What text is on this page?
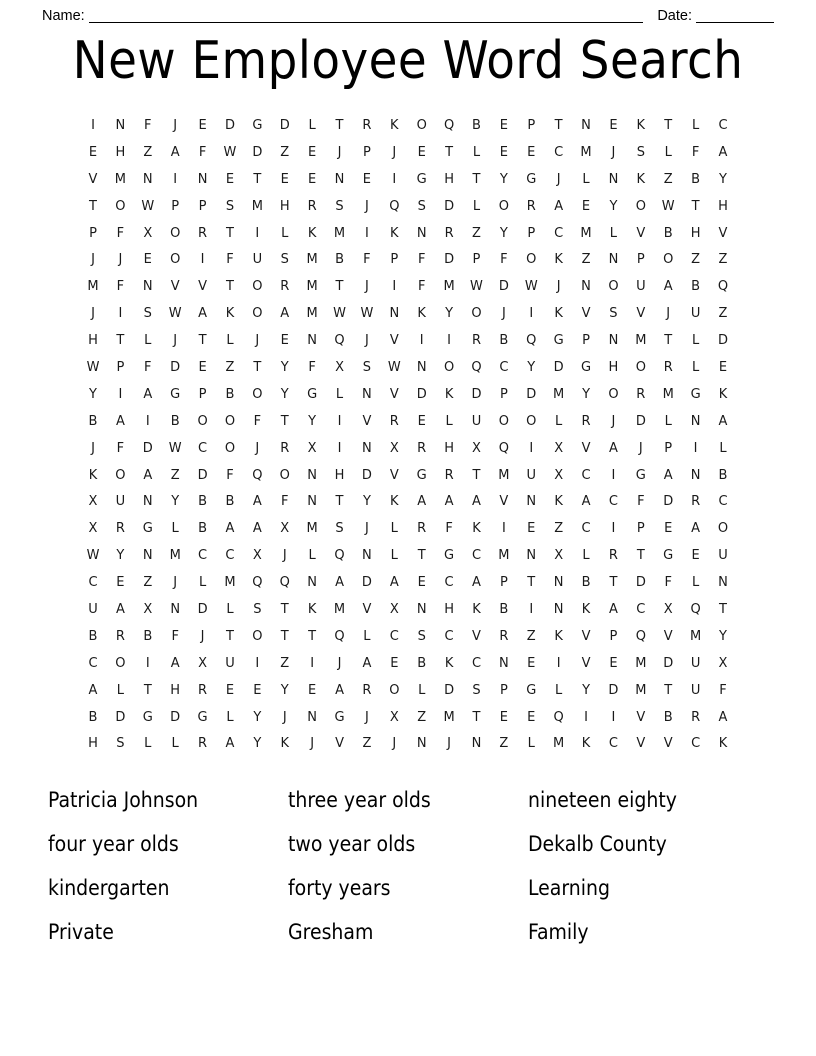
Name:	Date:
New Employee Word Search
I	N	F	J	E	D	G	D	L	T	R	K	O	Q	B	E	P	T	N	E	K	T	L	C
E	H	Z	A	F	W	D	Z	E	J	P	J	E	T	L	E	E	C	M	J	S	L	F	A
V	M	N	I	N	E	T	E	E	N	E	I	G	H	T	Y	G	J	L	N	K	Z	B	Y
T	O	W	P	P	S	M	H	R	S	J	Q	S	D	L	O	R	A	E	Y	O	W	T	H
P	F	X	O	R	T	I	L	K	M	I	K	N	R	Z	Y	P	C	M	L	V	B	H	V
J	J	E	O	I	F	U	S	M	B	F	P	F	D	P	F	O	K	Z	N	P	O	Z	Z
M	F	N	V	V	T	O	R	M	T	J	I	F	M	W	D	W	J	N	O	U	A	B	Q
J	I	S	W	A	K	O	A	M	W	W	N	K	Y	O	J	I	K	V	S	V	J	U	Z
H	T	L	J	T	L	J	E	N	Q	J	V	I	I	R	B	Q	G	P	N	M	T	L	D
W	P	F	D	E	Z	T	Y	F	X	S	W	N	O	Q	C	Y	D	G	H	O	R	L	E
Y	I	A	G	P	B	O	Y	G	L	N	V	D	K	D	P	D	M	Y	O	R	M	G	K
B	A	I	B	O	O	F	T	Y	I	V	R	E	L	U	O	O	L	R	J	D	L	N	A
J	F	D	W	C	O	J	R	X	I	N	X	R	H	X	Q	I	X	V	A	J	P	I	L
K	O	A	Z	D	F	Q	O	N	H	D	V	G	R	T	M	U	X	C	I	G	A	N	B
X	U	N	Y	B	B	A	F	N	T	Y	K	A	A	A	V	N	K	A	C	F	D	R	C
X	R	G	L	B	A	A	X	M	S	J	L	R	F	K	I	E	Z	C	I	P	E	A	O
W	Y	N	M	C	C	X	J	L	Q	N	L	T	G	C	M	N	X	L	R	T	G	E	U
C	E	Z	J	L	M	Q	Q	N	A	D	A	E	C	A	P	T	N	B	T	D	F	L	N
U	A	X	N	D	L	S	T	K	M	V	X	N	H	K	B	I	N	K	A	C	X	Q	T
B	R	B	F	J	T	O	T	T	Q	L	C	S	C	V	R	Z	K	V	P	Q	V	M	Y
C	O	I	A	X	U	I	Z	I	J	A	E	B	K	C	N	E	I	V	E	M	D	U	X
A	L	T	H	R	E	E	Y	E	A	R	O	L	D	S	P	G	L	Y	D	M	T	U	F
B	D	G	D	G	L	Y	J	N	G	J	X	Z	M	T	E	E	Q	I	I	V	B	R	A
H	S	L	L	R	A	Y	K	J	V	Z	J	N	J	N	Z	L	M	K	C	V	V	C	K
Patricia Johnson	three year olds	nineteen eighty
four year olds	two year olds	Dekalb County
kindergarten	forty years	Learning
Private	Gresham	Family
